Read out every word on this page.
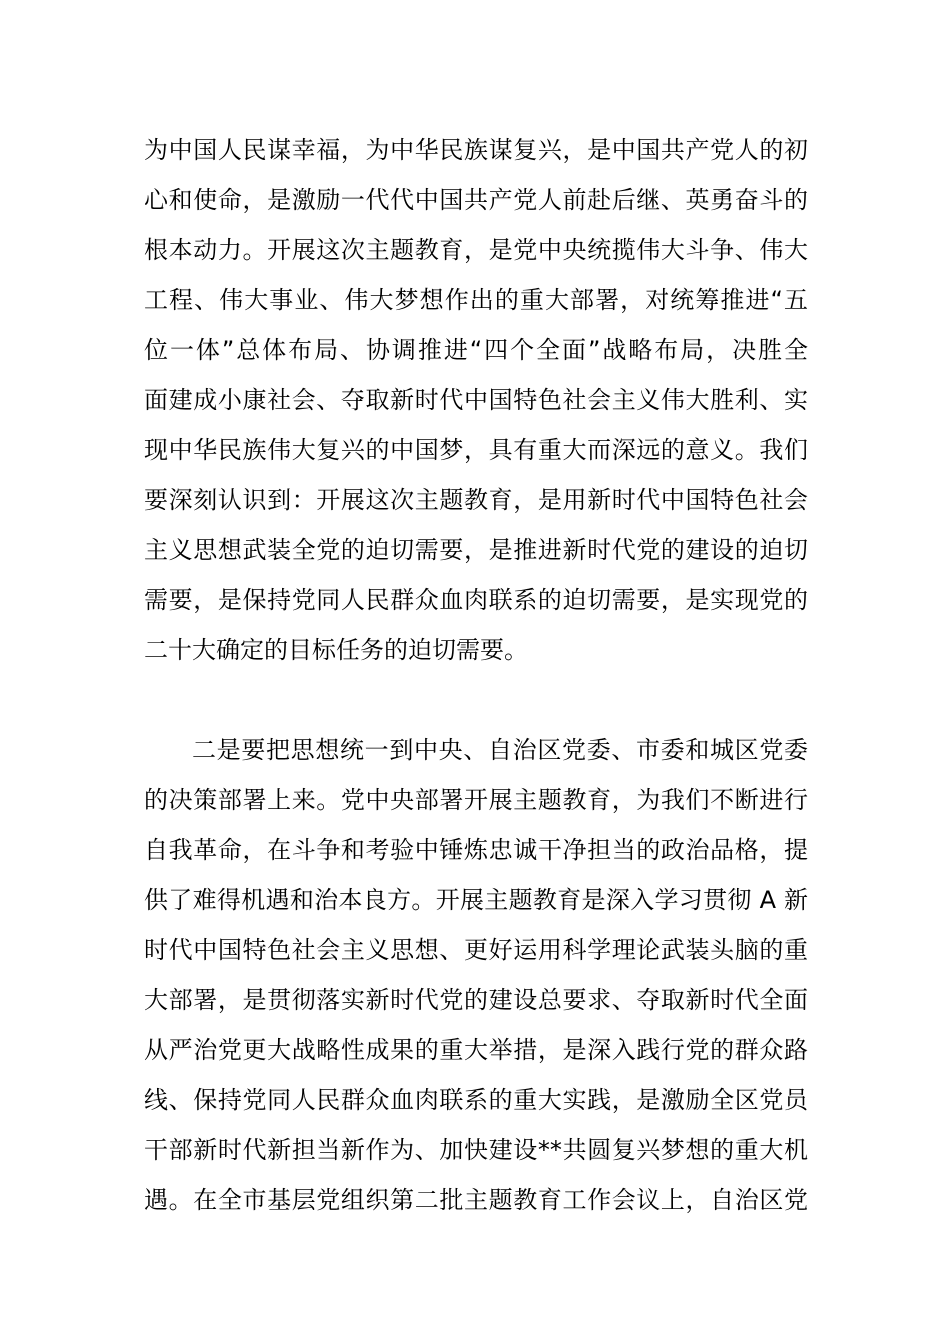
为中国人民谋幸福，为中华民族谋复兴，是中国共产党人的初
心和使命，是激励一代代中国共产党人前赴后继、英勇奋斗的
根本动力。开展这次主题教育，是党中央统揽伟大斗争、伟大
工程、伟大事业、伟大梦想作出的重大部署，对统筹推进“五
位一体”总体布局、协调推进“四个全面”战略布局，决胜全
面建成小康社会、夺取新时代中国特色社会主义伟大胜利、实
现中华民族伟大复兴的中国梦，具有重大而深远的意义。我们
要深刻认识到：开展这次主题教育，是用新时代中国特色社会
主义思想武装全党的迫切需要，是推进新时代党的建设的迫切
需要，是保持党同人民群众血肉联系的迫切需要，是实现党的
二十大确定的目标任务的迫切需要。
二是要把思想统一到中央、自治区党委、市委和城区党委
的决策部署上来。党中央部署开展主题教育，为我们不断进行
自我革命，在斗争和考验中锤炼忠诚干净担当的政治品格，提
供了难得机遇和治本良方。开展主题教育是深入学习贯彻 A 新
时代中国特色社会主义思想、更好运用科学理论武装头脑的重
大部署，是贯彻落实新时代党的建设总要求、夺取新时代全面
从严治党更大战略性成果的重大举措，是深入践行党的群众路
线、保持党同人民群众血肉联系的重大实践，是激励全区党员
干部新时代新担当新作为、加快建设**共圆复兴梦想的重大机
遇。在全市基层党组织第二批主题教育工作会议上，自治区党
